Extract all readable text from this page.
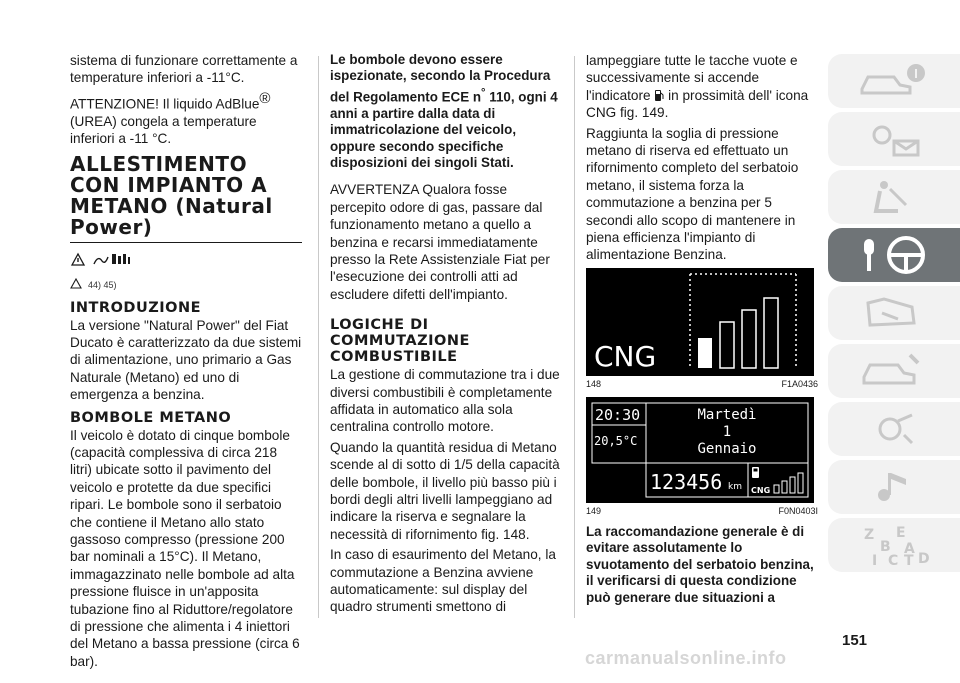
sistema di funzionare correttamente a temperature inferiori a -11°C.

ATTENZIONE! Il liquido AdBlue® (UREA) congela a temperature inferiori a -11 °C.

ALLESTIMENTO CON IMPIANTO A METANO (Natural Power)
44) 45)
INTRODUZIONE

La versione "Natural Power" del Fiat Ducato è caratterizzato da due sistemi di alimentazione, uno primario a Gas Naturale (Metano) ed uno di emergenza a benzina.

BOMBOLE METANO

Il veicolo è dotato di cinque bombole (capacità complessiva di circa 218 litri) ubicate sotto il pavimento del veicolo e protette da due specifici ripari. Le bombole sono il serbatoio che contiene il Metano allo stato gassoso compresso (pressione 200 bar nominali a 15°C). Il Metano, immagazzinato nelle bombole ad alta pressione fluisce in un'apposita tubazione fino al Riduttore/regolatore di pressione che alimenta i 4 iniettori del Metano a bassa pressione (circa 6 bar).

Le bombole devono essere ispezionate, secondo la Procedura del Regolamento ECE n° 110, ogni 4 anni a partire dalla data di immatricolazione del veicolo, oppure secondo specifiche disposizioni dei singoli Stati.

AVVERTENZA Qualora fosse percepito odore di gas, passare dal funzionamento metano a quello a benzina e recarsi immediatamente presso la Rete Assistenziale Fiat per l'esecuzione dei controlli atti ad escludere difetti dell'impianto.

LOGICHE DI COMMUTAZIONE COMBUSTIBILE

La gestione di commutazione tra i due diversi combustibili è completamente affidata in automatico alla sola centralina controllo motore.

Quando la quantità residua di Metano scende al di sotto di 1/5 della capacità delle bombole, il livello più basso più i bordi degli altri livelli lampeggiano ad indicare la riserva e segnalare la necessità di rifornimento fig. 148.

In caso di esaurimento del Metano, la commutazione a Benzina avviene automaticamente: sul display del quadro strumenti smettono di

lampeggiare tutte le tacche vuote e successivamente si accende l'indicatore  in prossimità dell' icona CNG fig. 149.

Raggiunta la soglia di pressione metano di riserva ed effettuato un rifornimento completo del serbatoio metano, il sistema forza la commutazione a benzina per 5 secondi allo scopo di mantenere in piena efficienza l'impianto di alimentazione Benzina.

CNG
148	F1A0436
20:30
20,5°C
Martedì
1
Gennaio
123456 km CNG
149	F0N0403I

La raccomandazione generale è di evitare assolutamente lo svuotamento del serbatoio benzina, il verificarsi di questa condizione può generare due situazioni a

Z E
B A
I C T D
151
carmanualsonline.info
